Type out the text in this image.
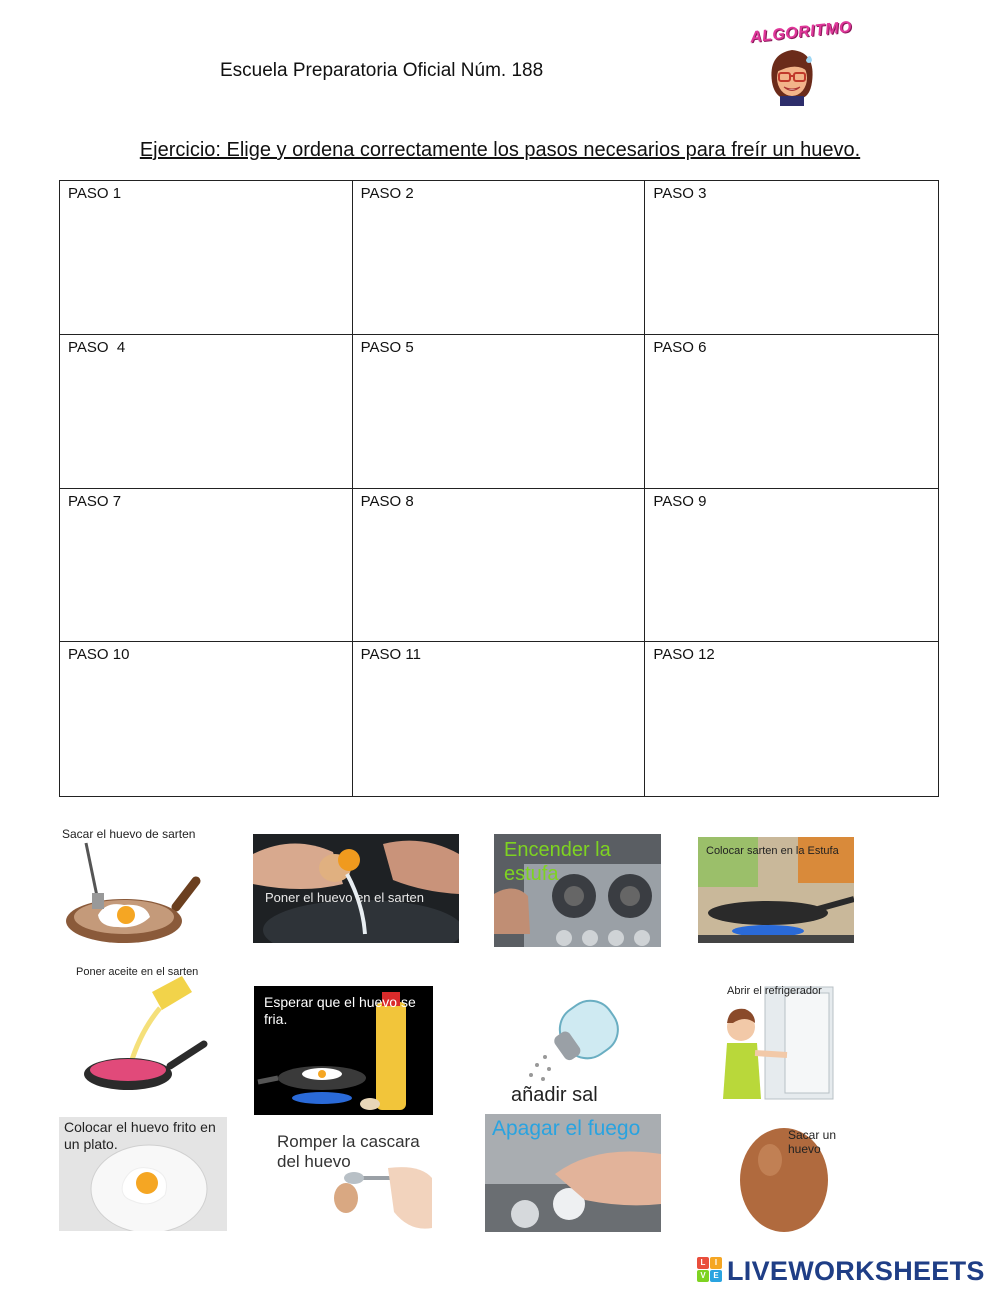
Escuela Preparatoria Oficial Núm. 188
ALGORITMO
Ejercicio: Elige y ordena correctamente los pasos necesarios para freír un huevo.
PASO 1	PASO 2	PASO 3
PASO  4	PASO 5	PASO 6
PASO 7	PASO 8	PASO 9
PASO 10	PASO 11	PASO 12
Sacar el huevo de sarten
Poner el huevo en el sarten
Encender la estufa
Colocar sarten en la Estufa
Poner aceite en el sarten
Esperar que el huevo se fria.
añadir sal
Abrir el refrigerador
Colocar el huevo frito en un plato.	Romper la cascara del huevo
Apagar el fuego	Sacar un huevo
L	I
V E LIVEWORKSHEETS
